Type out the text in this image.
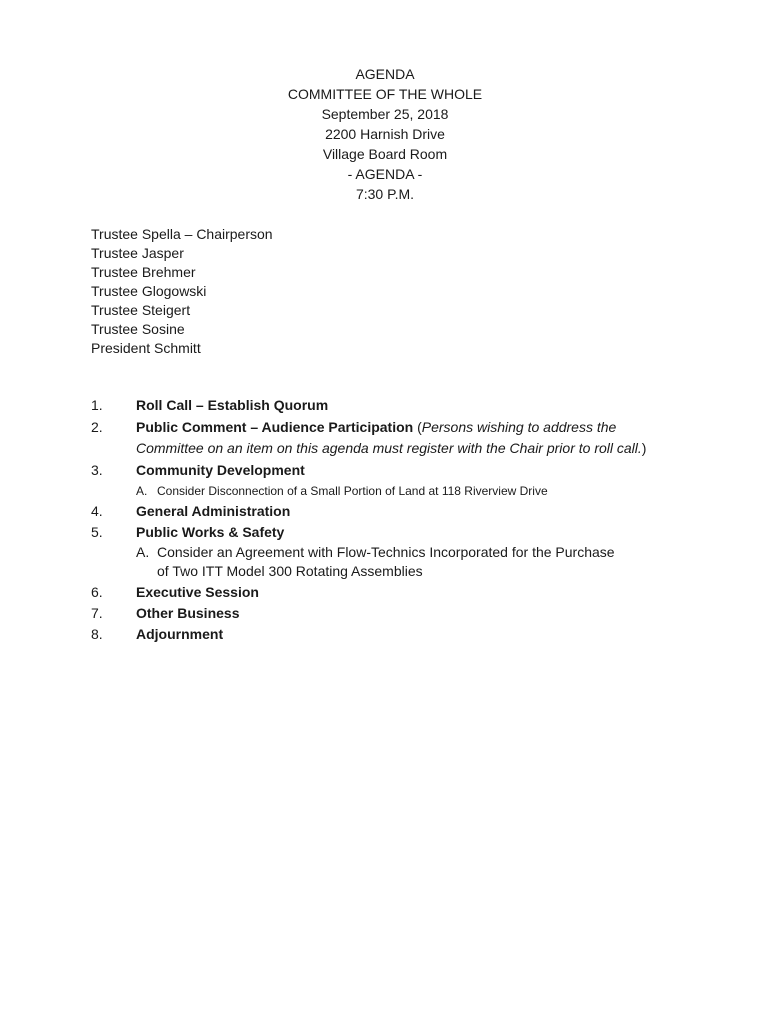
AGENDA
COMMITTEE OF THE WHOLE
September 25, 2018
2200 Harnish Drive
Village Board Room
- AGENDA -
7:30 P.M.
Trustee Spella – Chairperson
Trustee Jasper
Trustee Brehmer
Trustee Glogowski
Trustee Steigert
Trustee Sosine
President Schmitt
1. Roll Call – Establish Quorum
2. Public Comment – Audience Participation (Persons wishing to address the Committee on an item on this agenda must register with the Chair prior to roll call.)
3. Community Development
A. Consider Disconnection of a Small Portion of Land at 118 Riverview Drive
4. General Administration
5. Public Works & Safety
A. Consider an Agreement with Flow-Technics Incorporated for the Purchase of Two ITT Model 300 Rotating Assemblies
6. Executive Session
7. Other Business
8. Adjournment
